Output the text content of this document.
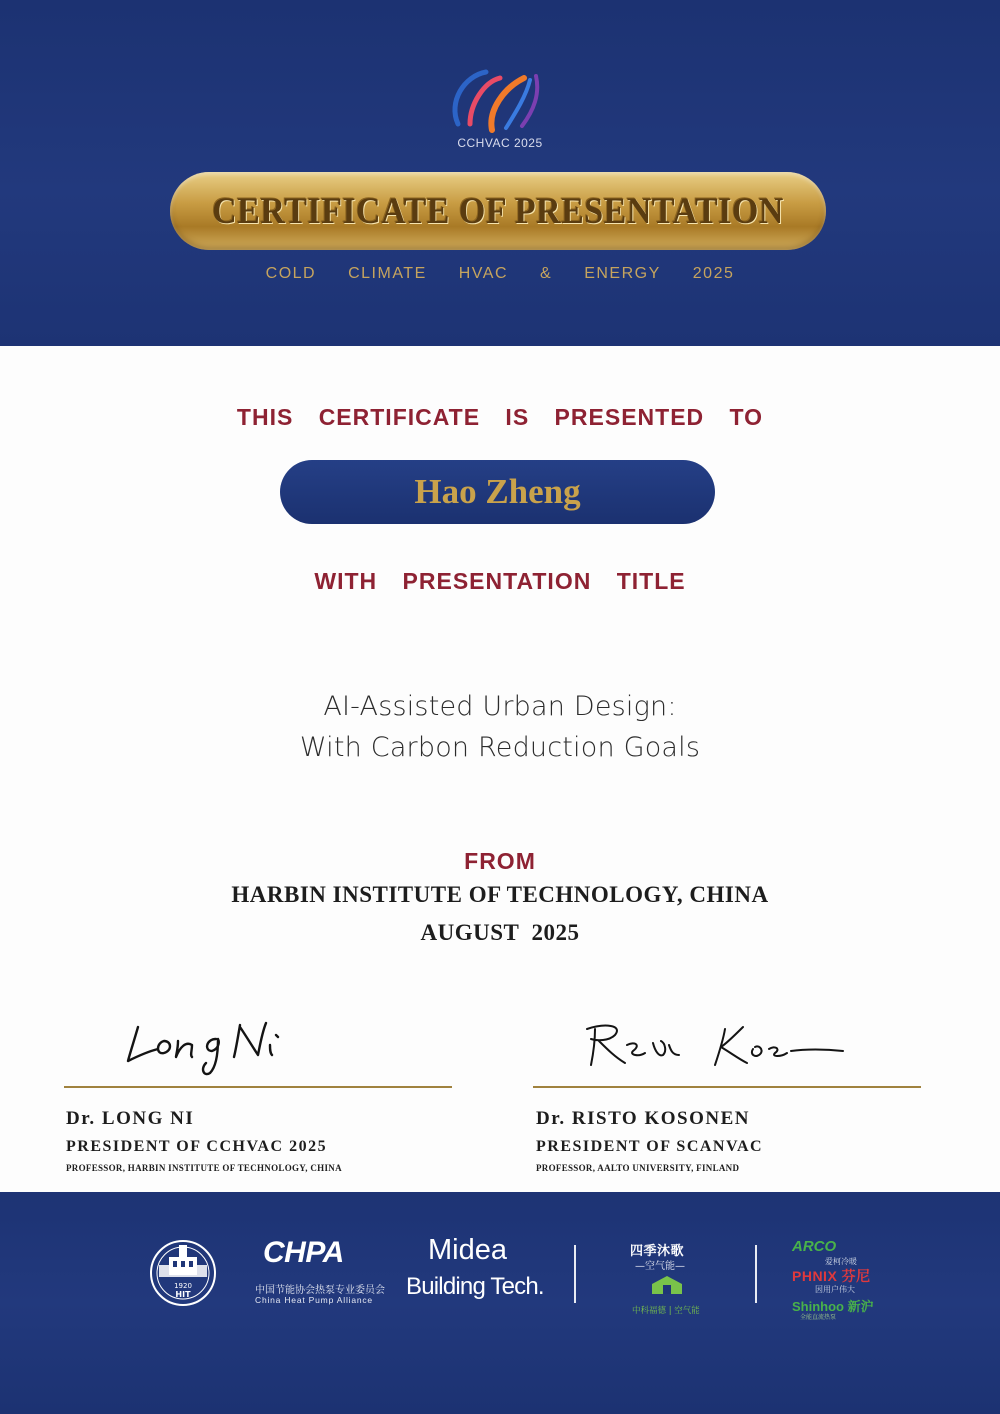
CCHVAC 2025
CERTIFICATE OF PRESENTATION
COLD CLIMATE HVAC & ENERGY 2025
THIS CERTIFICATE IS PRESENTED TO
Hao Zheng
WITH PRESENTATION TITLE
AI-Assisted Urban Design:
With Carbon Reduction Goals
FROM
HARBIN INSTITUTE OF TECHNOLOGY, CHINA
AUGUST  2025
Dr. LONG NI
PRESIDENT OF CCHVAC 2025
PROFESSOR, HARBIN INSTITUTE OF TECHNOLOGY, CHINA
Dr. RISTO KOSONEN
PRESIDENT OF SCANVAC
PROFESSOR, AALTO UNIVERSITY, FINLAND
1920
HIT
CHPA
中国节能协会热泵专业委员会
China Heat Pump Alliance
Midea
Building Tech.
四季沐歌
—空气能—
中科福德 | 空气能
ARCO
爱柯冷暖
PHNIX 芬尼
因用户伟大
Shinhoo 新沪
全能直流热泵
